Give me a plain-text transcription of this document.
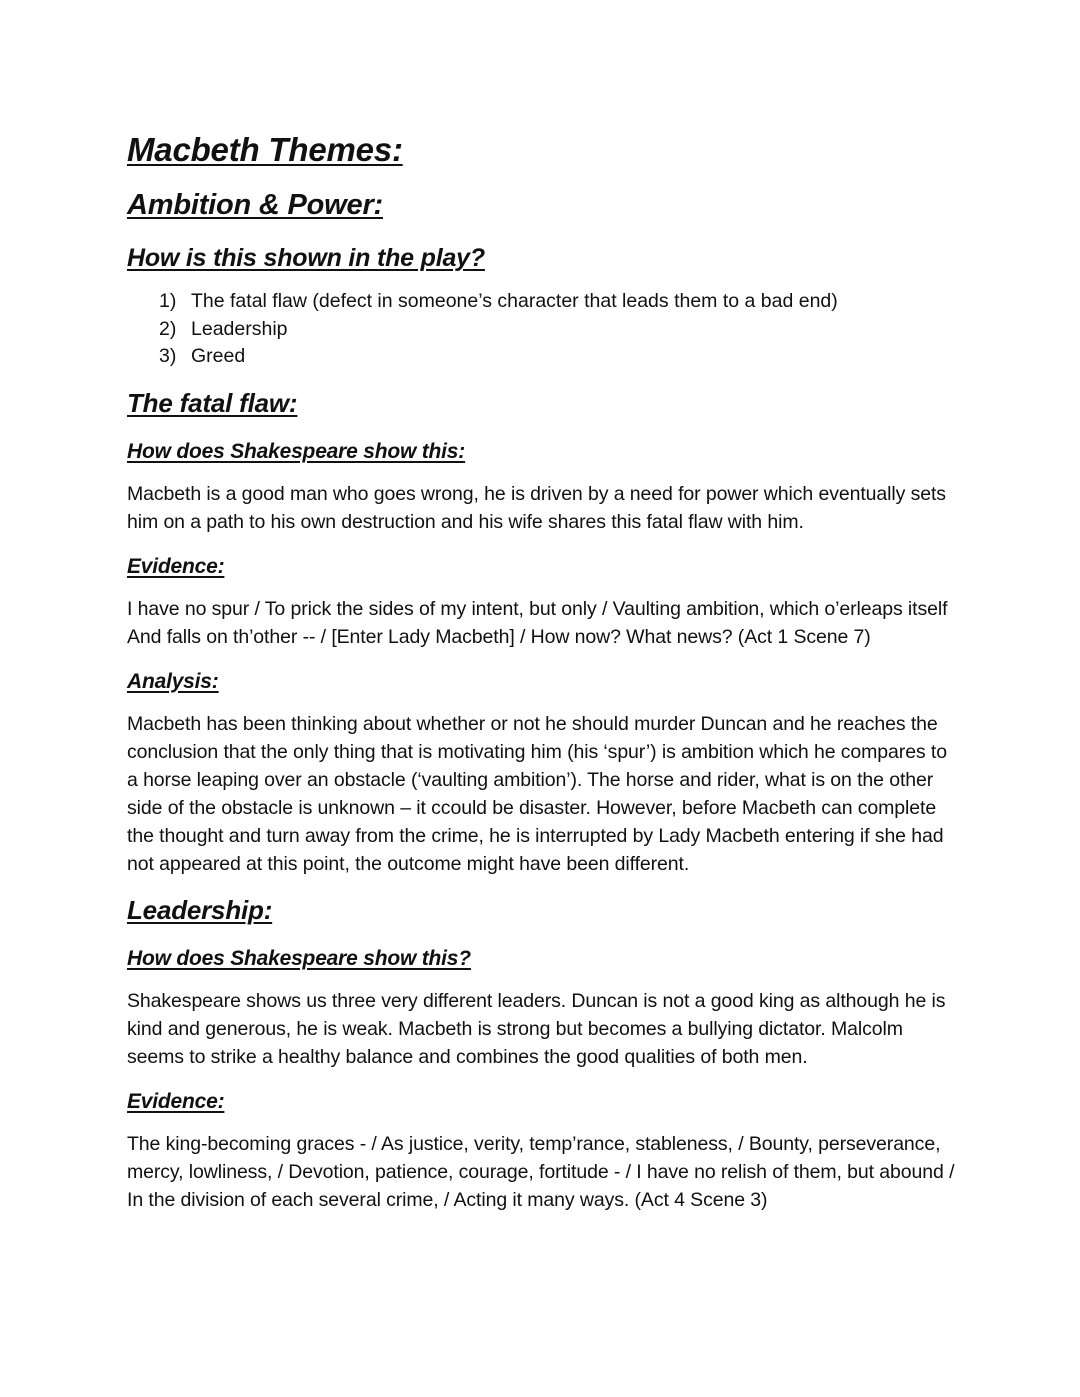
Macbeth Themes:
Ambition & Power:
How is this shown in the play?
1) The fatal flaw (defect in someone’s character that leads them to a bad end)
2) Leadership
3) Greed
The fatal flaw:
How does Shakespeare show this:

Macbeth is a good man who goes wrong, he is driven by a need for power which eventually sets him on a path to his own destruction and his wife shares this fatal flaw with him.

Evidence:

I have no spur / To prick the sides of my intent, but only / Vaulting ambition, which o’erleaps itself And falls on th’other -- / [Enter Lady Macbeth] / How now? What news? (Act 1 Scene 7)

Analysis:

Macbeth has been thinking about whether or not he should murder Duncan and he reaches the conclusion that the only thing that is motivating him (his ‘spur’) is ambition which he compares to a horse leaping over an obstacle (‘vaulting ambition’). The horse and rider, what is on the other side of the obstacle is unknown – it ccould be disaster. However, before Macbeth can complete the thought and turn away from the crime, he is interrupted by Lady Macbeth entering if she had not appeared at this point, the outcome might have been different.

Leadership:
How does Shakespeare show this?

Shakespeare shows us three very different leaders. Duncan is not a good king as although he is kind and generous, he is weak. Macbeth is strong but becomes a bullying dictator. Malcolm seems to strike a healthy balance and combines the good qualities of both men.

Evidence:

The king-becoming graces - / As justice, verity, temp’rance, stableness, / Bounty, perseverance, mercy, lowliness, / Devotion, patience, courage, fortitude - / I have no relish of them, but abound / In the division of each several crime, / Acting it many ways. (Act 4 Scene 3)
